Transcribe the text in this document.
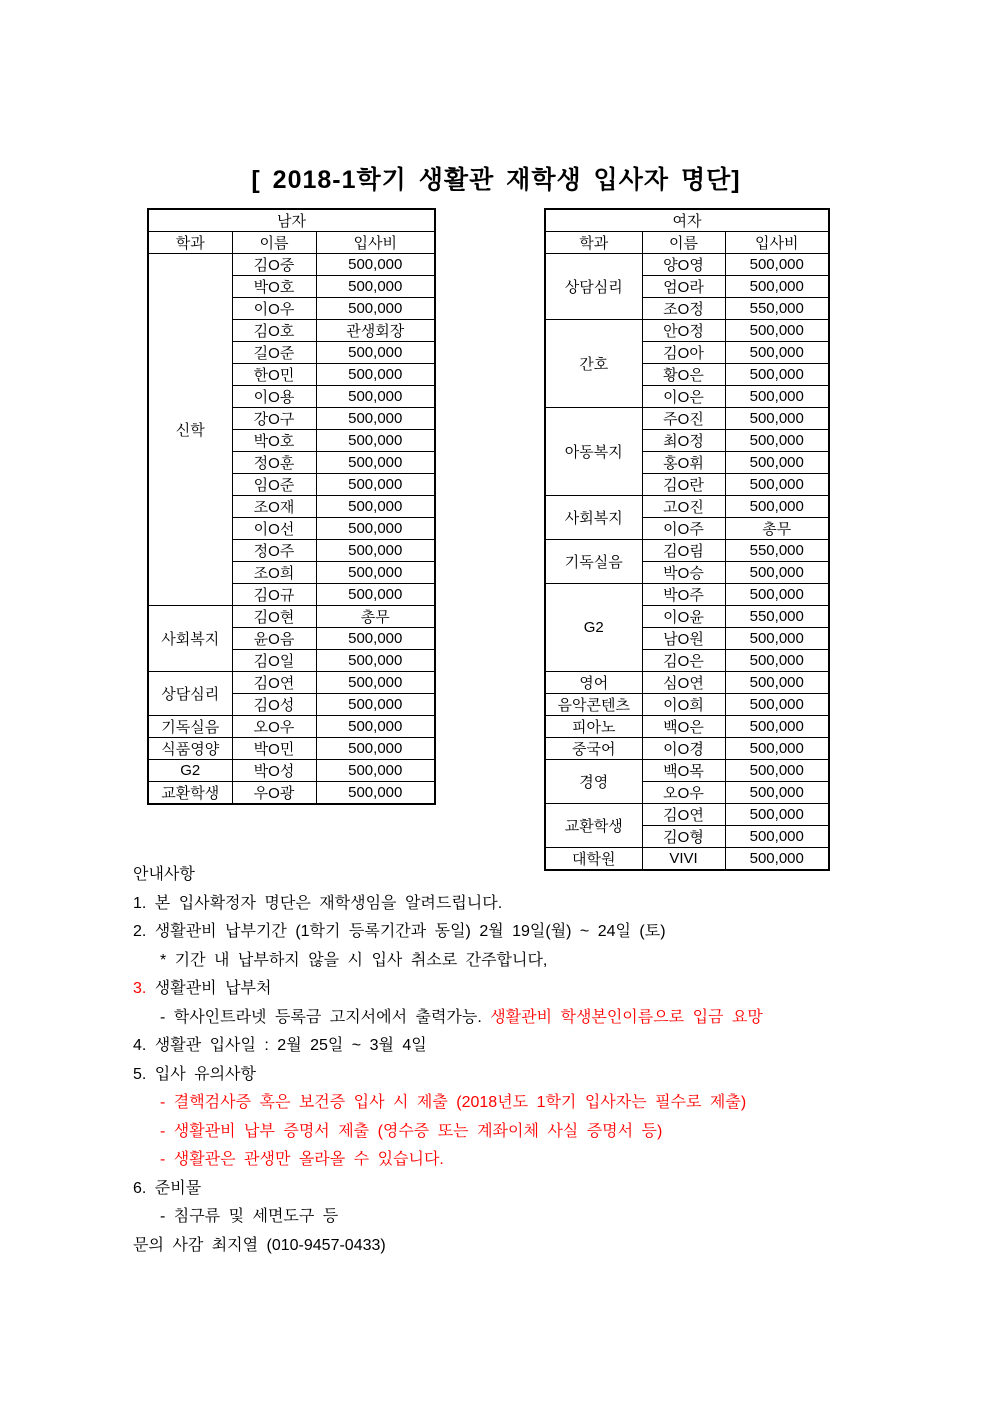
[ 2018-1학기 생활관 재학생 입사자 명단]
남자		
학과	이름	입사비
신학	김O중	500,000
	박O호	500,000
	이O우	500,000
	김O호	관생회장
	길O준	500,000
	한O민	500,000
	이O용	500,000
	강O구	500,000
	박O호	500,000
	정O훈	500,000
	임O준	500,000
	조O재	500,000
	이O선	500,000
	정O주	500,000
	조O희	500,000
	김O규	500,000
사회복지	김O현	총무
	윤O음	500,000
	김O일	500,000
상담심리	김O연	500,000
	김O성	500,000
기독실음	오O우	500,000
식품영양	박O민	500,000
G2	박O성	500,000
교환학생	우O광	500,000
여자		
학과	이름	입사비
상담심리	양O영	500,000
	엄O라	500,000
	조O정	550,000
간호	안O정	500,000
	김O아	500,000
	황O은	500,000
	이O은	500,000
아동복지	주O진	500,000
	최O정	500,000
	홍O휘	500,000
	김O란	500,000
사회복지	고O진	500,000
	이O주	총무
기독실음	김O림	550,000
	박O승	500,000
G2	박O주	500,000
	이O윤	550,000
	남O원	500,000
	김O은	500,000
영어	심O연	500,000
음악콘텐츠	이O희	500,000
피아노	백O은	500,000
중국어	이O경	500,000
경영	백O목	500,000
	오O우	500,000
교환학생	김O연	500,000
	김O형	500,000
대학원	VIVI	500,000
안내사항
1. 본 입사확정자 명단은 재학생임을 알려드립니다.
2. 생활관비 납부기간 (1학기 등록기간과 동일) 2월 19일(월) ~ 24일 (토)
* 기간 내 납부하지 않을 시 입사 취소로 간주합니다,
3. 생활관비 납부처
- 학사인트라넷 등록금 고지서에서 출력가능. 생활관비 학생본인이름으로 입금 요망
4. 생활관 입사일 : 2월 25일 ~ 3월 4일
5. 입사 유의사항
- 결핵검사증 혹은 보건증 입사 시 제출 (2018년도 1학기 입사자는 필수로 제출)
- 생활관비 납부 증명서 제출 (영수증 또는 계좌이체 사실 증명서 등)
- 생활관은 관생만 올라올 수 있습니다.
6. 준비물
- 침구류 및 세면도구 등
문의 사감 최지열 (010-9457-0433)
